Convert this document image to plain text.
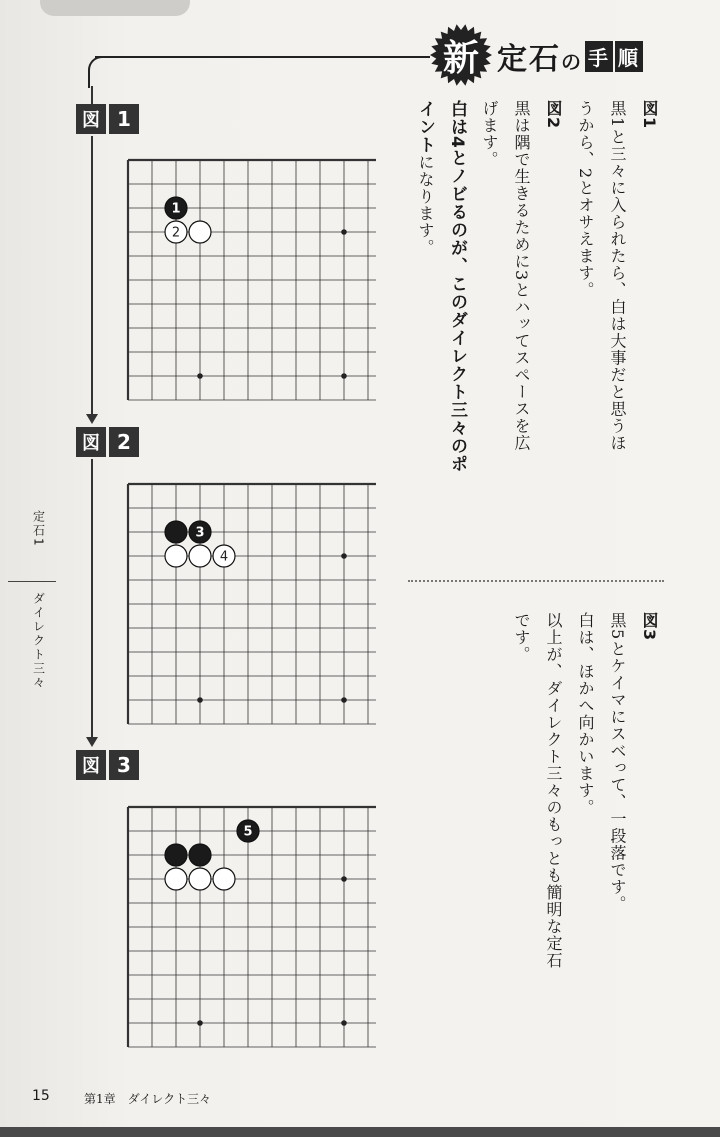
新 定石の 手 順
図 1
1
2
図 2
3
4
図 3
5
定石1
ダイレクト三々
図1
黒1と三々に入られたら、白は大事だと思うほ
うから、2とオサえます。
図2
黒は隅で生きるために3とハッてスペースを広
げます。
白は4とノビるのが、このダイレクト三々のポ
イントになります。
図3
黒5とケイマにスベって、一段落です。
白は、ほかへ向かいます。
以上が、ダイレクト三々のもっとも簡明な定石
です。
15	第1章　ダイレクト三々
